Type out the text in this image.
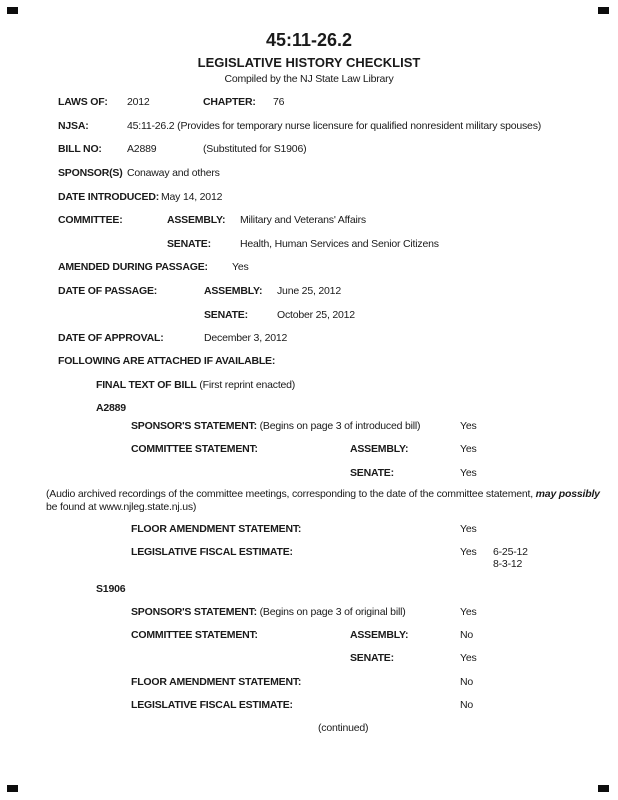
45:11-26.2
LEGISLATIVE HISTORY CHECKLIST
Compiled by the NJ State Law Library
LAWS OF: 2012	CHAPTER: 76
NJSA:	45:11-26.2 (Provides for temporary nurse licensure for qualified nonresident military spouses)
BILL NO: A2889	(Substituted for S1906)
SPONSOR(S) Conaway and others
DATE INTRODUCED: May 14, 2012
COMMITTEE:	ASSEMBLY: Military and Veterans' Affairs
SENATE:	Health, Human Services and Senior Citizens
AMENDED DURING PASSAGE: Yes
DATE OF PASSAGE:	ASSEMBLY: June 25, 2012
SENATE:	October 25, 2012
DATE OF APPROVAL:	December 3, 2012
FOLLOWING ARE ATTACHED IF AVAILABLE:
FINAL TEXT OF BILL (First reprint enacted)
A2889
SPONSOR'S STATEMENT: (Begins on page 3 of introduced bill)	Yes
COMMITTEE STATEMENT:	ASSEMBLY:	Yes
SENATE:	Yes
(Audio archived recordings of the committee meetings, corresponding to the date of the committee statement, may possibly
be found at www.njleg.state.nj.us)
FLOOR AMENDMENT STATEMENT:	Yes
LEGISLATIVE FISCAL ESTIMATE:	Yes 6-25-12
8-3-12
S1906
SPONSOR'S STATEMENT: (Begins on page 3 of original bill)	Yes
COMMITTEE STATEMENT:	ASSEMBLY:	No
SENATE:	Yes
FLOOR AMENDMENT STATEMENT:	No
LEGISLATIVE FISCAL ESTIMATE:	No
(continued)
